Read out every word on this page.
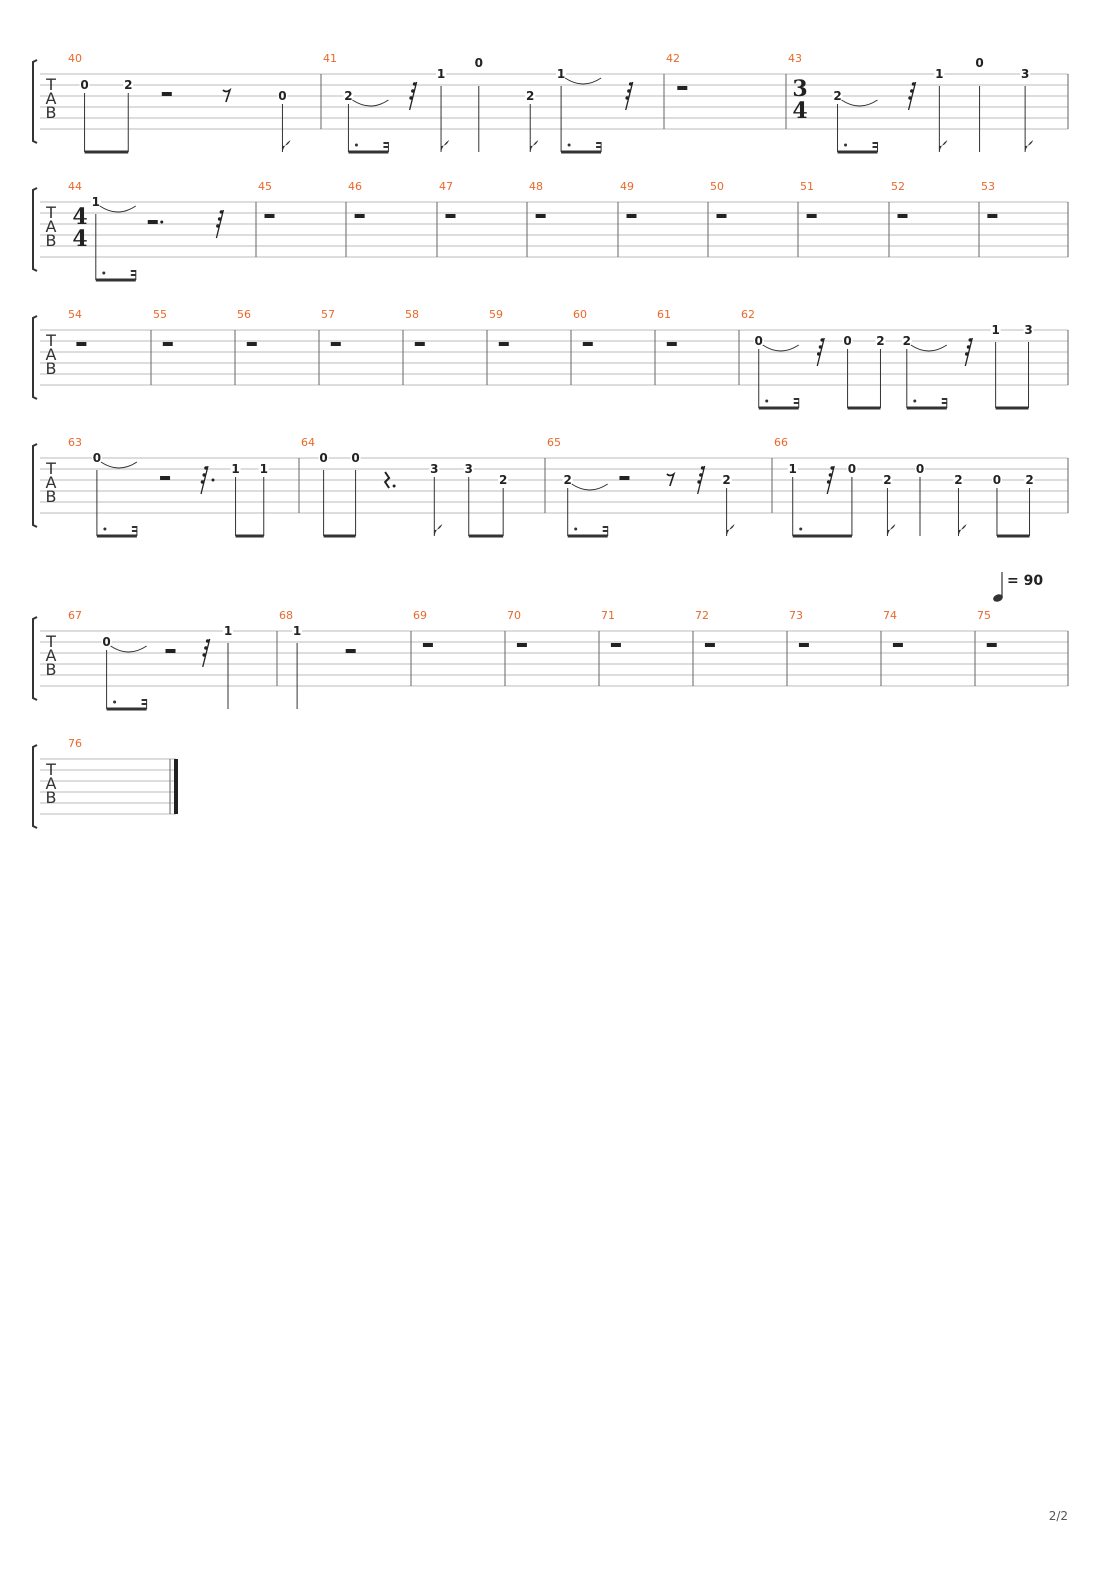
T
A
B
40
0	2
0
41
2
1
0
2
1
42	43
3
4
2
1
0
3
T
A
B
44
4
4
1
45	46	47	48	49	50	51	52	53
T
A
B
54	55	56	57	58	59	60	61	62
0	0 2 2
1 3
T
A
B
63
0
1 1
64
0 0
3 3
2
65
2	2
66
1	0
2
0
2	0 2
T
A
B
67
0
1
68
1
69	70	71	72	73	74	75
T
A
B
76
= 90
2/2
